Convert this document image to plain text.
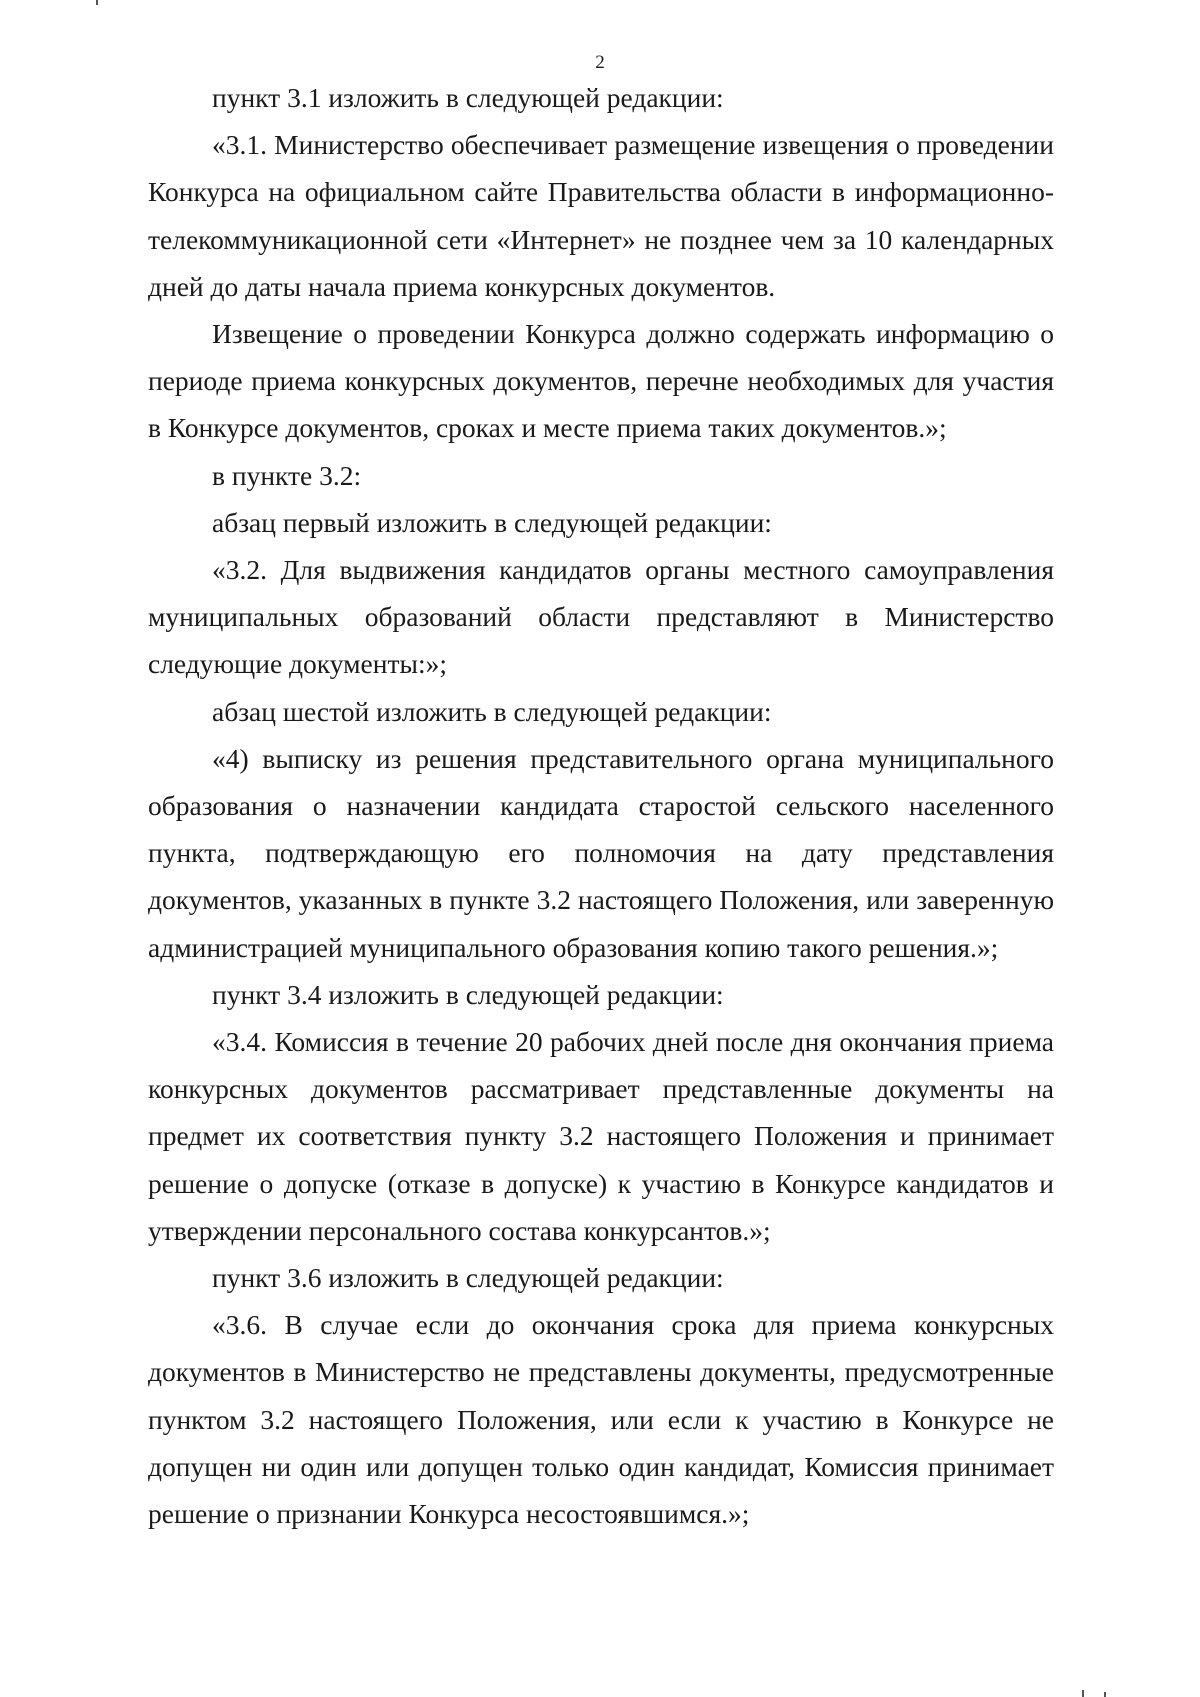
2

пункт 3.1 изложить в следующей редакции:

«3.1. Министерство обеспечивает размещение извещения о проведении Конкурса на официальном сайте Правительства области в информационно-телекоммуникационной сети «Интернет» не позднее чем за 10 календарных дней до даты начала приема конкурсных документов.

Извещение о проведении Конкурса должно содержать информацию о периоде приема конкурсных документов, перечне необходимых для участия в Конкурсе документов, сроках и месте приема таких документов.»;

в пункте 3.2:

абзац первый изложить в следующей редакции:

«3.2. Для выдвижения кандидатов органы местного самоуправления муниципальных образований области представляют в Министерство следующие документы:»;

абзац шестой изложить в следующей редакции:

«4) выписку из решения представительного органа муниципального образования о назначении кандидата старостой сельского населенного пункта, подтверждающую его полномочия на дату представления документов, указанных в пункте 3.2 настоящего Положения, или заверенную администрацией муниципального образования копию такого решения.»;

пункт 3.4 изложить в следующей редакции:

«3.4. Комиссия в течение 20 рабочих дней после дня окончания приема конкурсных документов рассматривает представленные документы на предмет их соответствия пункту 3.2 настоящего Положения и принимает решение о допуске (отказе в допуске) к участию в Конкурсе кандидатов и утверждении персонального состава конкурсантов.»;

пункт 3.6 изложить в следующей редакции:

«3.6. В случае если до окончания срока для приема конкурсных документов в Министерство не представлены документы, предусмотренные пунктом 3.2 настоящего Положения, или если к участию в Конкурсе не допущен ни один или допущен только один кандидат, Комиссия принимает решение о признании Конкурса несостоявшимся.»;
